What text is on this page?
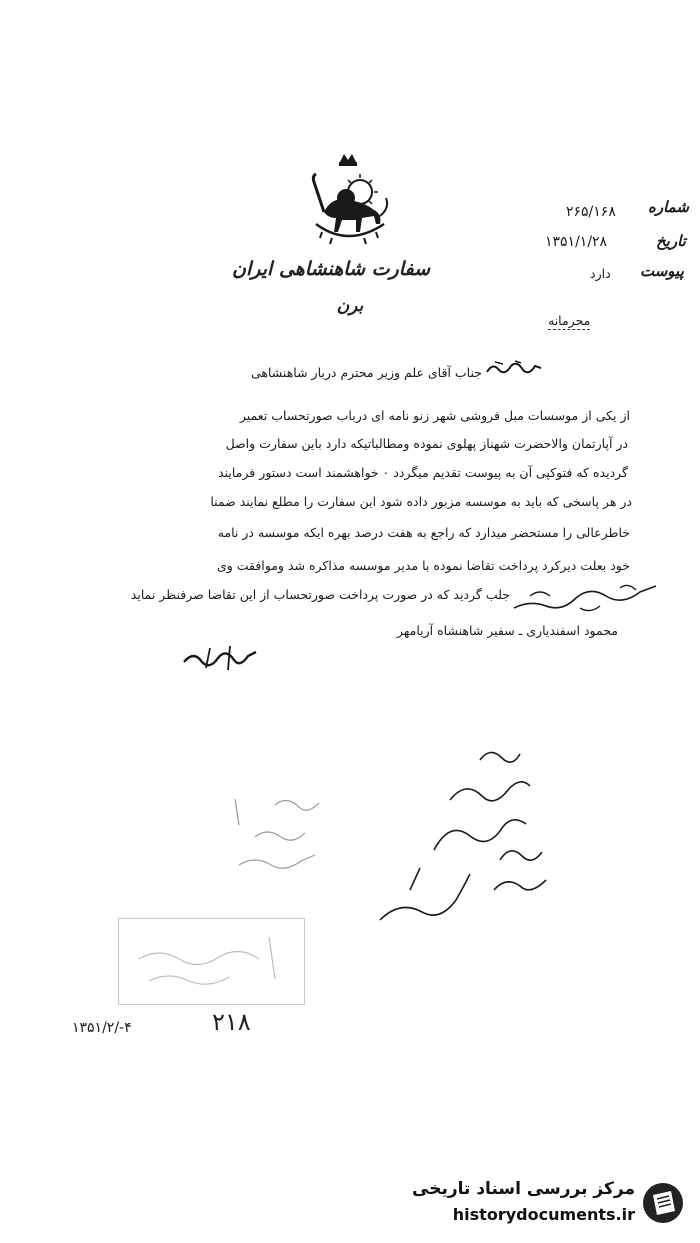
سفارت شاهنشاهی ایران
برن
شماره
۲۶۵/۱۶۸
تاریخ
۱۳۵۱/۱/۲۸
پیوست
دارد
محرمانه
جناب آقای علم وزیر محترم دربار شاهنشاهی
از یکی از موسسات مبل فروشی شهر زنو نامه ای درباب صورتحساب تعمیر
در آپارتمان والاحضرت شهناز پهلوی نموده ومطالباتیکه دارد باین سفارت واصل
گردیده که فتوکپی آن به پیوست تقدیم میگردد ۰ خواهشمند است دستور فرمایند
در هر پاسخی که باید به موسسه مزبور داده شود این سفارت را مطلع نمایند ضمنا
خاطرعالی را مستحضر میدارد که راجع به هفت درصد بهره ایکه موسسه در نامه
خود بعلت دیرکرد پرداخت تقاضا نموده با مدیر موسسه مذاکره شد وموافقت وی
جلب گردید که در صورت پرداخت صورتحساب از این تقاضا صرفنظر نماید
محمود اسفندیاری ـ سفیر شاهنشاه آریامهر
۱۳۵۱/۲/-۴	۲۱۸
مرکز بررسی اسناد تاریخی
historydocuments.ir
